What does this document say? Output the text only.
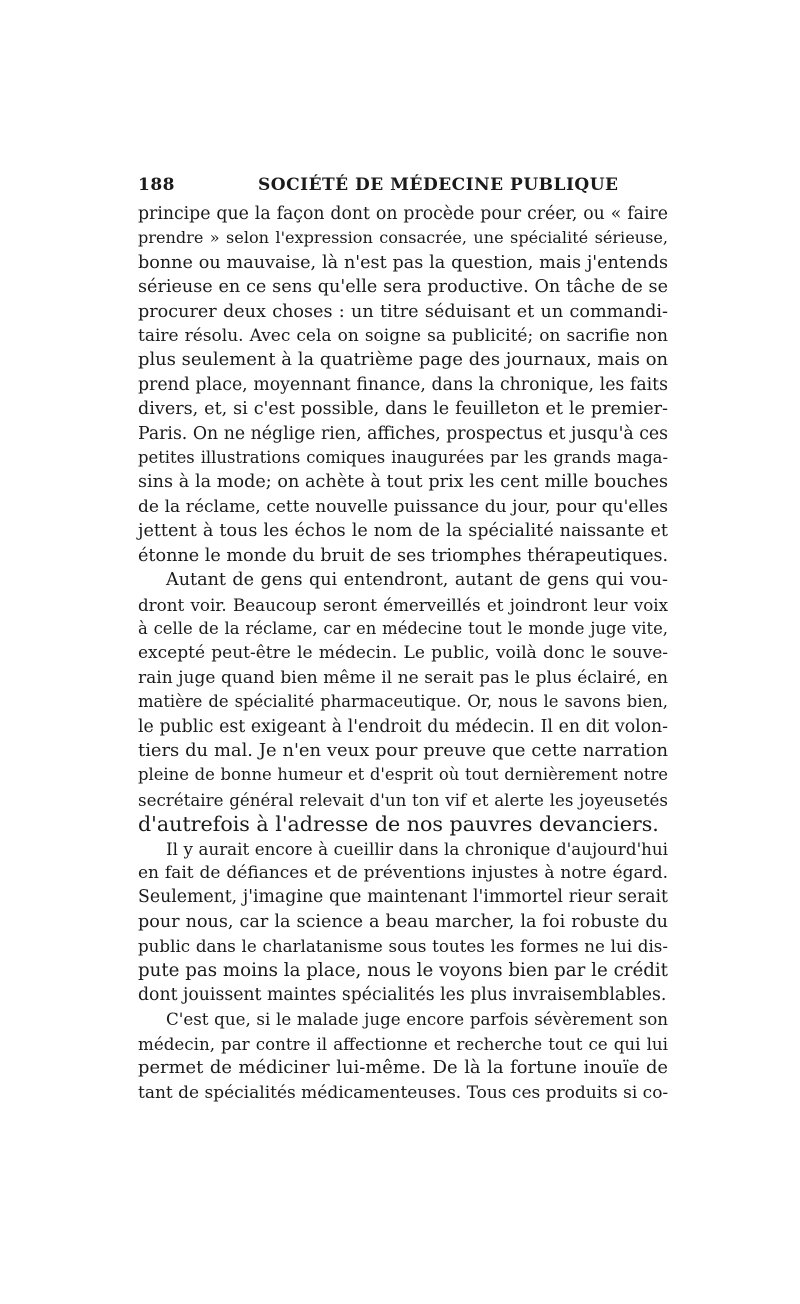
188	SOCIÉTÉ DE MÉDECINE PUBLIQUE
principe que la façon dont on procède pour créer, ou « faire
prendre » selon l'expression consacrée, une spécialité sérieuse,
bonne ou mauvaise, là n'est pas la question, mais j'entends
sérieuse en ce sens qu'elle sera productive. On tâche de se
procurer deux choses : un titre séduisant et un commandi-
taire résolu. Avec cela on soigne sa publicité; on sacrifie non
plus seulement à la quatrième page des journaux, mais on
prend place, moyennant finance, dans la chronique, les faits
divers, et, si c'est possible, dans le feuilleton et le premier-
Paris. On ne néglige rien, affiches, prospectus et jusqu'à ces
petites illustrations comiques inaugurées par les grands maga-
sins à la mode; on achète à tout prix les cent mille bouches
de la réclame, cette nouvelle puissance du jour, pour qu'elles
jettent à tous les échos le nom de la spécialité naissante et
étonne le monde du bruit de ses triomphes thérapeutiques.
Autant de gens qui entendront, autant de gens qui vou-
dront voir. Beaucoup seront émerveillés et joindront leur voix
à celle de la réclame, car en médecine tout le monde juge vite,
excepté peut-être le médecin. Le public, voilà donc le souve-
rain juge quand bien même il ne serait pas le plus éclairé, en
matière de spécialité pharmaceutique. Or, nous le savons bien,
le public est exigeant à l'endroit du médecin. Il en dit volon-
tiers du mal. Je n'en veux pour preuve que cette narration
pleine de bonne humeur et d'esprit où tout dernièrement notre
secrétaire général relevait d'un ton vif et alerte les joyeusetés
d'autrefois à l'adresse de nos pauvres devanciers.
Il y aurait encore à cueillir dans la chronique d'aujourd'hui
en fait de défiances et de préventions injustes à notre égard.
Seulement, j'imagine que maintenant l'immortel rieur serait
pour nous, car la science a beau marcher, la foi robuste du
public dans le charlatanisme sous toutes les formes ne lui dis-
pute pas moins la place, nous le voyons bien par le crédit
dont jouissent maintes spécialités les plus invraisemblables.
C'est que, si le malade juge encore parfois sévèrement son
médecin, par contre il affectionne et recherche tout ce qui lui
permet de médiciner lui-même. De là la fortune inouïe de
tant de spécialités médicamenteuses. Tous ces produits si co-
